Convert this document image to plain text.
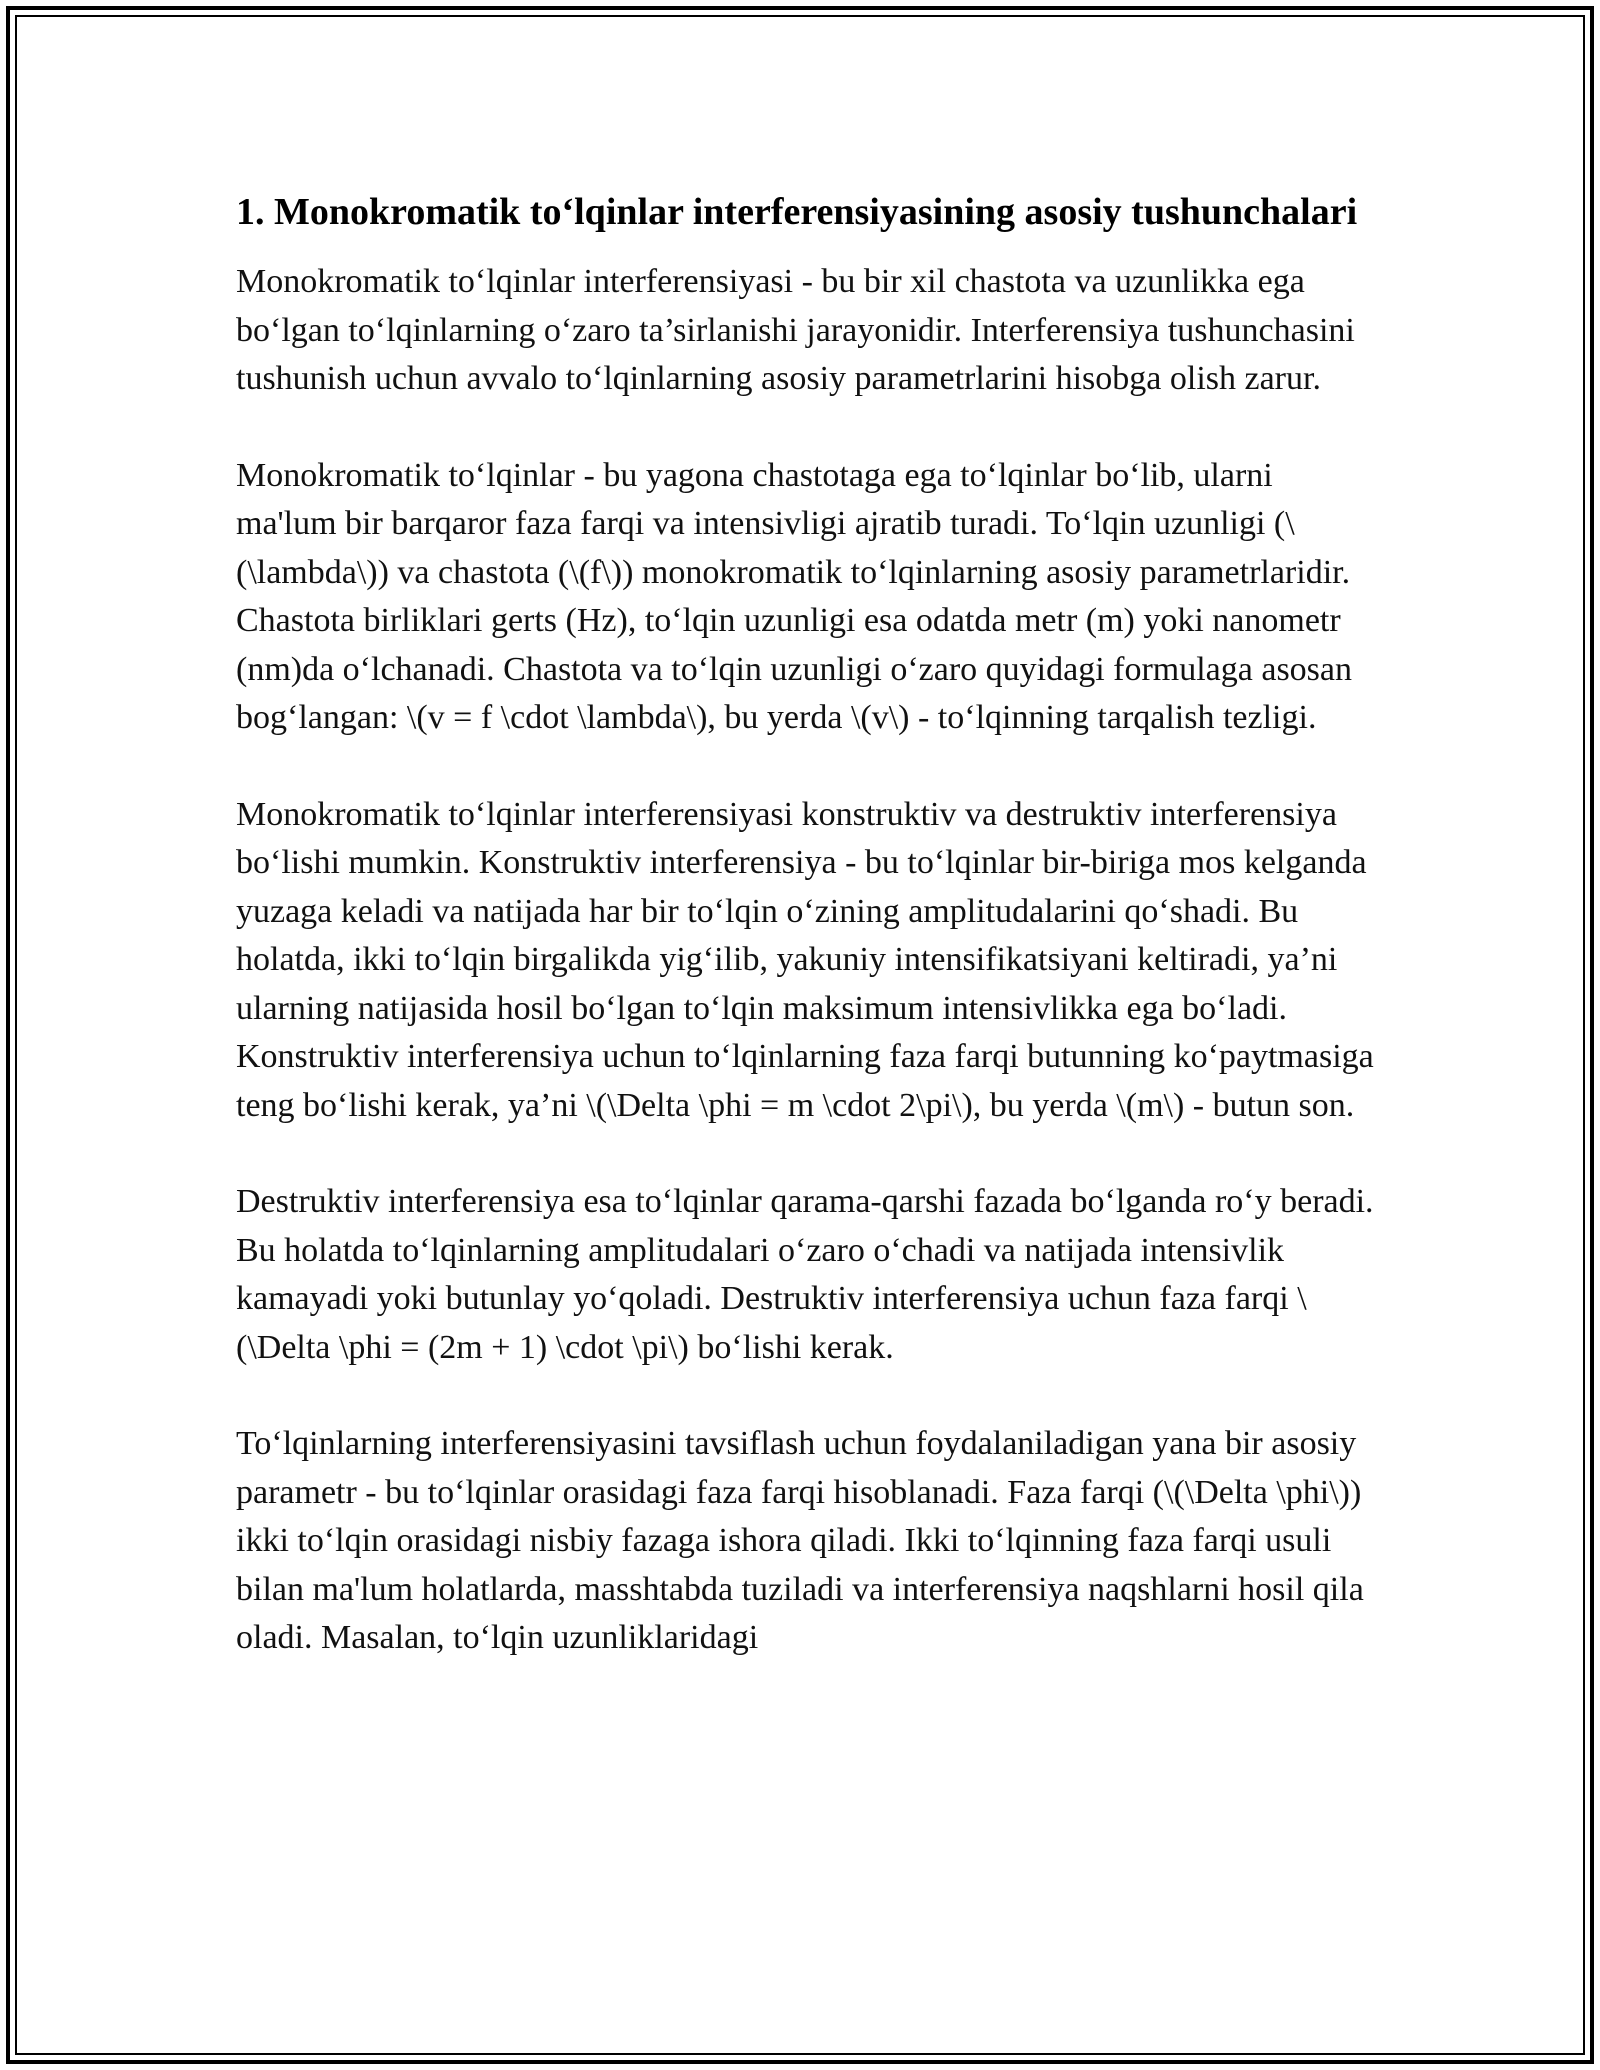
1. Monokromatik to‘lqinlar interferensiyasining asosiy tushunchalari

Monokromatik to‘lqinlar interferensiyasi - bu bir xil chastota va uzunlikka ega bo‘lgan to‘lqinlarning o‘zaro ta’sirlanishi jarayonidir. Interferensiya tushunchasini tushunish uchun avvalo to‘lqinlarning asosiy parametrlarini hisobga olish zarur.

Monokromatik to‘lqinlar - bu yagona chastotaga ega to‘lqinlar bo‘lib, ularni ma'lum bir barqaror faza farqi va intensivligi ajratib turadi. To‘lqin uzunligi (\(\lambda\)) va chastota (\(f\)) monokromatik to‘lqinlarning asosiy parametrlaridir. Chastota birliklari gerts (Hz), to‘lqin uzunligi esa odatda metr (m) yoki nanometr (nm)da o‘lchanadi. Chastota va to‘lqin uzunligi o‘zaro quyidagi formulaga asosan bog‘langan: \(v = f \cdot \lambda\), bu yerda \(v\) - to‘lqinning tarqalish tezligi.

Monokromatik to‘lqinlar interferensiyasi konstruktiv va destruktiv interferensiya bo‘lishi mumkin. Konstruktiv interferensiya - bu to‘lqinlar bir-biriga mos kelganda yuzaga keladi va natijada har bir to‘lqin o‘zining amplitudalarini qo‘shadi. Bu holatda, ikki to‘lqin birgalikda yig‘ilib, yakuniy intensifikatsiyani keltiradi, ya’ni ularning natijasida hosil bo‘lgan to‘lqin maksimum intensivlikka ega bo‘ladi. Konstruktiv interferensiya uchun to‘lqinlarning faza farqi butunning ko‘paytmasiga teng bo‘lishi kerak, ya’ni \(\Delta \phi = m \cdot 2\pi\), bu yerda \(m\) - butun son.

Destruktiv interferensiya esa to‘lqinlar qarama-qarshi fazada bo‘lganda ro‘y beradi. Bu holatda to‘lqinlarning amplitudalari o‘zaro o‘chadi va natijada intensivlik kamayadi yoki butunlay yo‘qoladi. Destruktiv interferensiya uchun faza farqi \(\Delta \phi = (2m + 1) \cdot \pi\) bo‘lishi kerak.

To‘lqinlarning interferensiyasini tavsiflash uchun foydalaniladigan yana bir asosiy parametr - bu to‘lqinlar orasidagi faza farqi hisoblanadi. Faza farqi (\(\Delta \phi\)) ikki to‘lqin orasidagi nisbiy fazaga ishora qiladi. Ikki to‘lqinning faza farqi usuli bilan ma'lum holatlarda, masshtabda tuziladi va interferensiya naqshlarni hosil qila oladi. Masalan, to‘lqin uzunliklaridagi
